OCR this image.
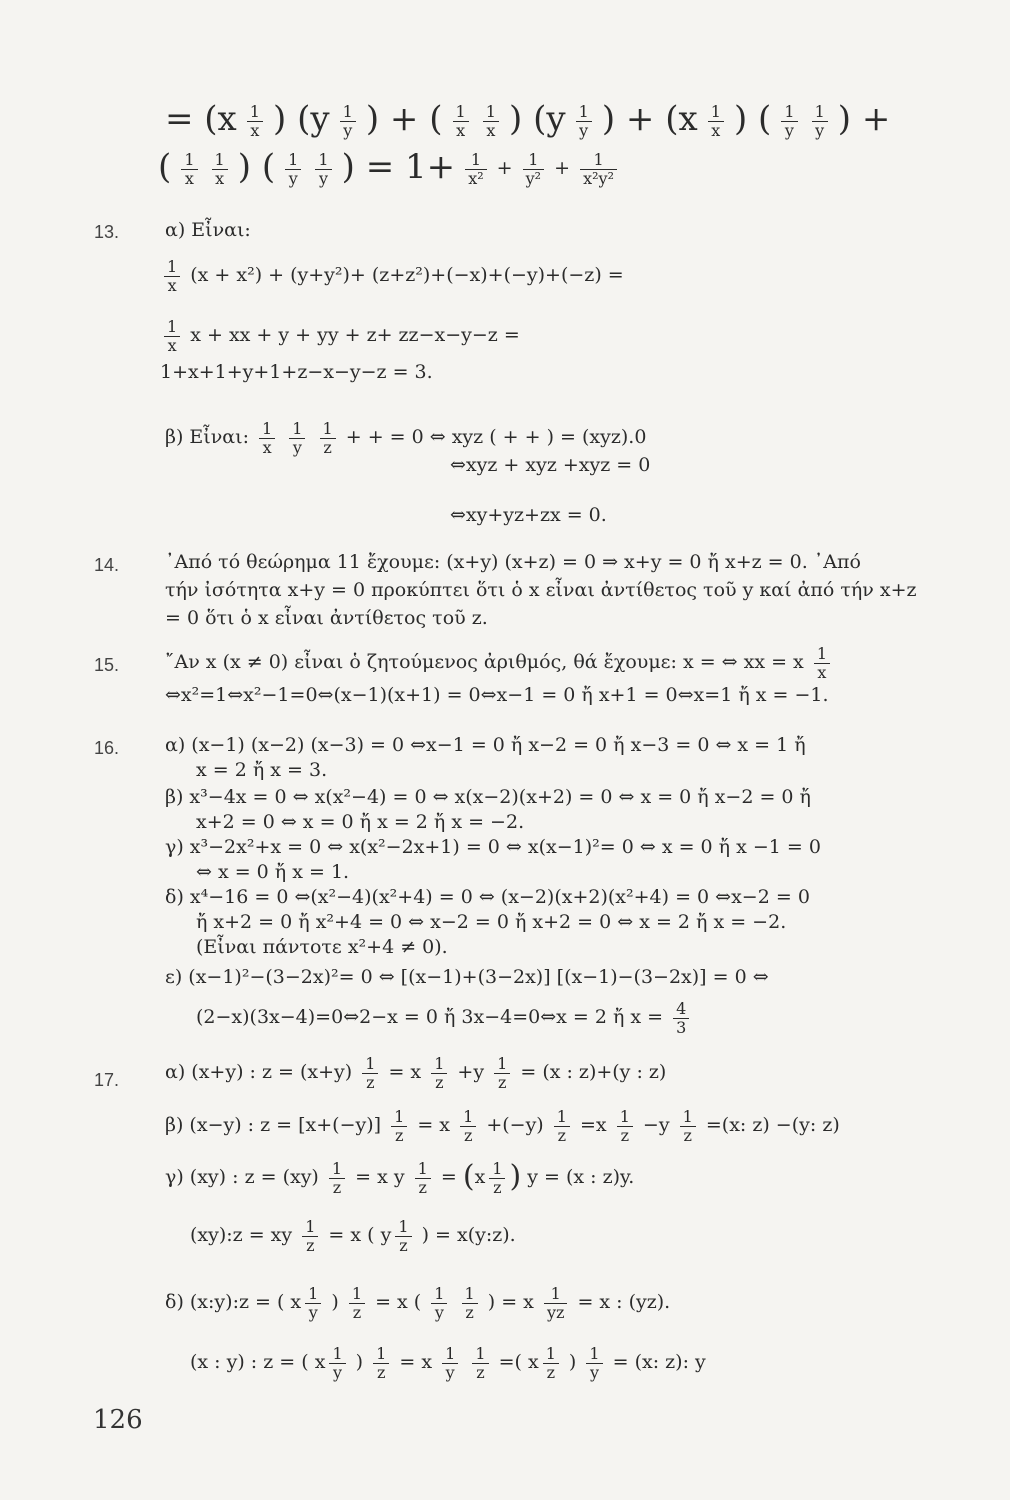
= ($x \frac{1}{x}$ ) ($y \frac{1}{y}$ ) + ( $\frac{1}{x}$
$\frac{1}{x}$ ) ($y \frac{1}{y}$ ) + ($x \frac{1}{x}$ ) ( $\frac{1}{y}$
$\frac{1}{y}$ ) +
( $\frac{1}{x}$
$\frac{1}{x}$ ) ( $\frac{1}{y}$
$\frac{1}{y}$ ) = $1+ \frac{1}{\text{x²}} + \frac{1}{\text{y²}} + \frac{1}{\text{x²y²}}$
13. α) Εἶναι:
$\frac{1}{x} (x + x^2) + (y+y^2)+ (z+z^2)+(-x)+(-y)+(-z)$ =
$\frac{1}{x}$ x + xx + y + yy + z+ zz−x−y−z =
1+x+1+y+1+z−x−y−z = 3.
β) Εἶναι: $\frac{1}{x}$
$\frac{1}{y}$
$\frac{1}{z}$ + + = 0 ⇔ xyz ( + + ) = (xyz).0
⇔xyz + xyz +xyz = 0
⇔xy+yz+zx = 0.
14. ᾿Από τό θεώρημα 11 ἔχουμε: (x+y) (x+z) = 0 ⇒ x+y = 0 ἤ x+z = 0. ᾿Από
τήν ἰσότητα x+y = 0 προκύπτει ὅτι ὁ x εἶναι ἀντίθετος τοῦ y καί ἀπό τήν x+z
= 0 ὅτι ὁ x εἶναι ἀντίθετος τοῦ z.
15. ῎Αν x (x ≠ 0) εἶναι ὁ ζητούμενος ἀριθμός, θά ἔχουμε: x = ⇔ xx = x $\frac{1}{x}$
⇔x²=1⇔x²−1=0⇔(x−1)(x+1) = 0⇔x−1 = 0 ἤ x+1 = 0⇔x=1 ἤ x = −1.
16. α) (x−1) (x−2) (x−3) = 0 ⇔x−1 = 0 ἤ x−2 = 0 ἤ x−3 = 0 ⇔ x = 1 ἤ
x = 2 ἤ x = 3.
β) x³−4x = 0 ⇔ x(x²−4) = 0 ⇔ x(x−2)(x+2) = 0 ⇔ x = 0 ἤ x−2 = 0 ἤ
x+2 = 0 ⇔ x = 0 ἤ x = 2 ἤ x = −2.
γ) x³−2x²+x = 0 ⇔ x(x²−2x+1) = 0 ⇔ x(x−1)²= 0 ⇔ x = 0 ἤ x −1 = 0
⇔ x = 0 ἤ x = 1.
δ) x⁴−16 = 0 ⇔(x²−4)(x²+4) = 0 ⇔ (x−2)(x+2)(x²+4) = 0 ⇔x−2 = 0
ἤ x+2 = 0 ἤ x²+4 = 0 ⇔ x−2 = 0 ἤ x+2 = 0 ⇔ x = 2 ἤ x = −2.
(Εἶναι πάντοτε x²+4 ≠ 0).
ε) (x−1)²−(3−2x)²= 0 ⇔ [(x−1)+(3−2x)] [(x−1)−(3−2x)] = 0 ⇔
(2−x)(3x−4)=0⇔2−x = 0 ἤ 3x−4=0⇔x = 2 ἤ $x = \frac{4}{3}$
17. α) (x+y) : $z = (x+y) \frac{1}{z} = x \frac{1}{z} +y \frac{1}{z} = (x$ : z)+(y : z)
β) (x−y) : $z = [x+(-y)] \frac{1}{z} = x \frac{1}{z} +(-y) \frac{1}{z} =x \frac{1}{z} -y \frac{1}{z} =(x$: z) −(y: z)
γ) (xy) : $z = (xy) \frac{1}{z} = x$ y $\frac{1}{z} = (x \frac{1}{z}$ ) y = (x : z)y.
(xy):z = xy $\frac{1}{z} = x$ ( y $\frac{1}{z}$ ) = x(y:z).
δ) (x:y):z = ( x $\frac{1}{y}$ ) $\frac{1}{z} = x$ ( $\frac{1}{y}$
$\frac{1}{z}$ ) = x $\frac{1}{yz} = x$ : (yz).
(x : y) : z = ( x $\frac{1}{y}$ ) $\frac{1}{z} = x \frac{1}{y}$
$\frac{1}{z}$ =( x $\frac{1}{z}$ ) $\frac{1}{y} = (x$: z): y
126
